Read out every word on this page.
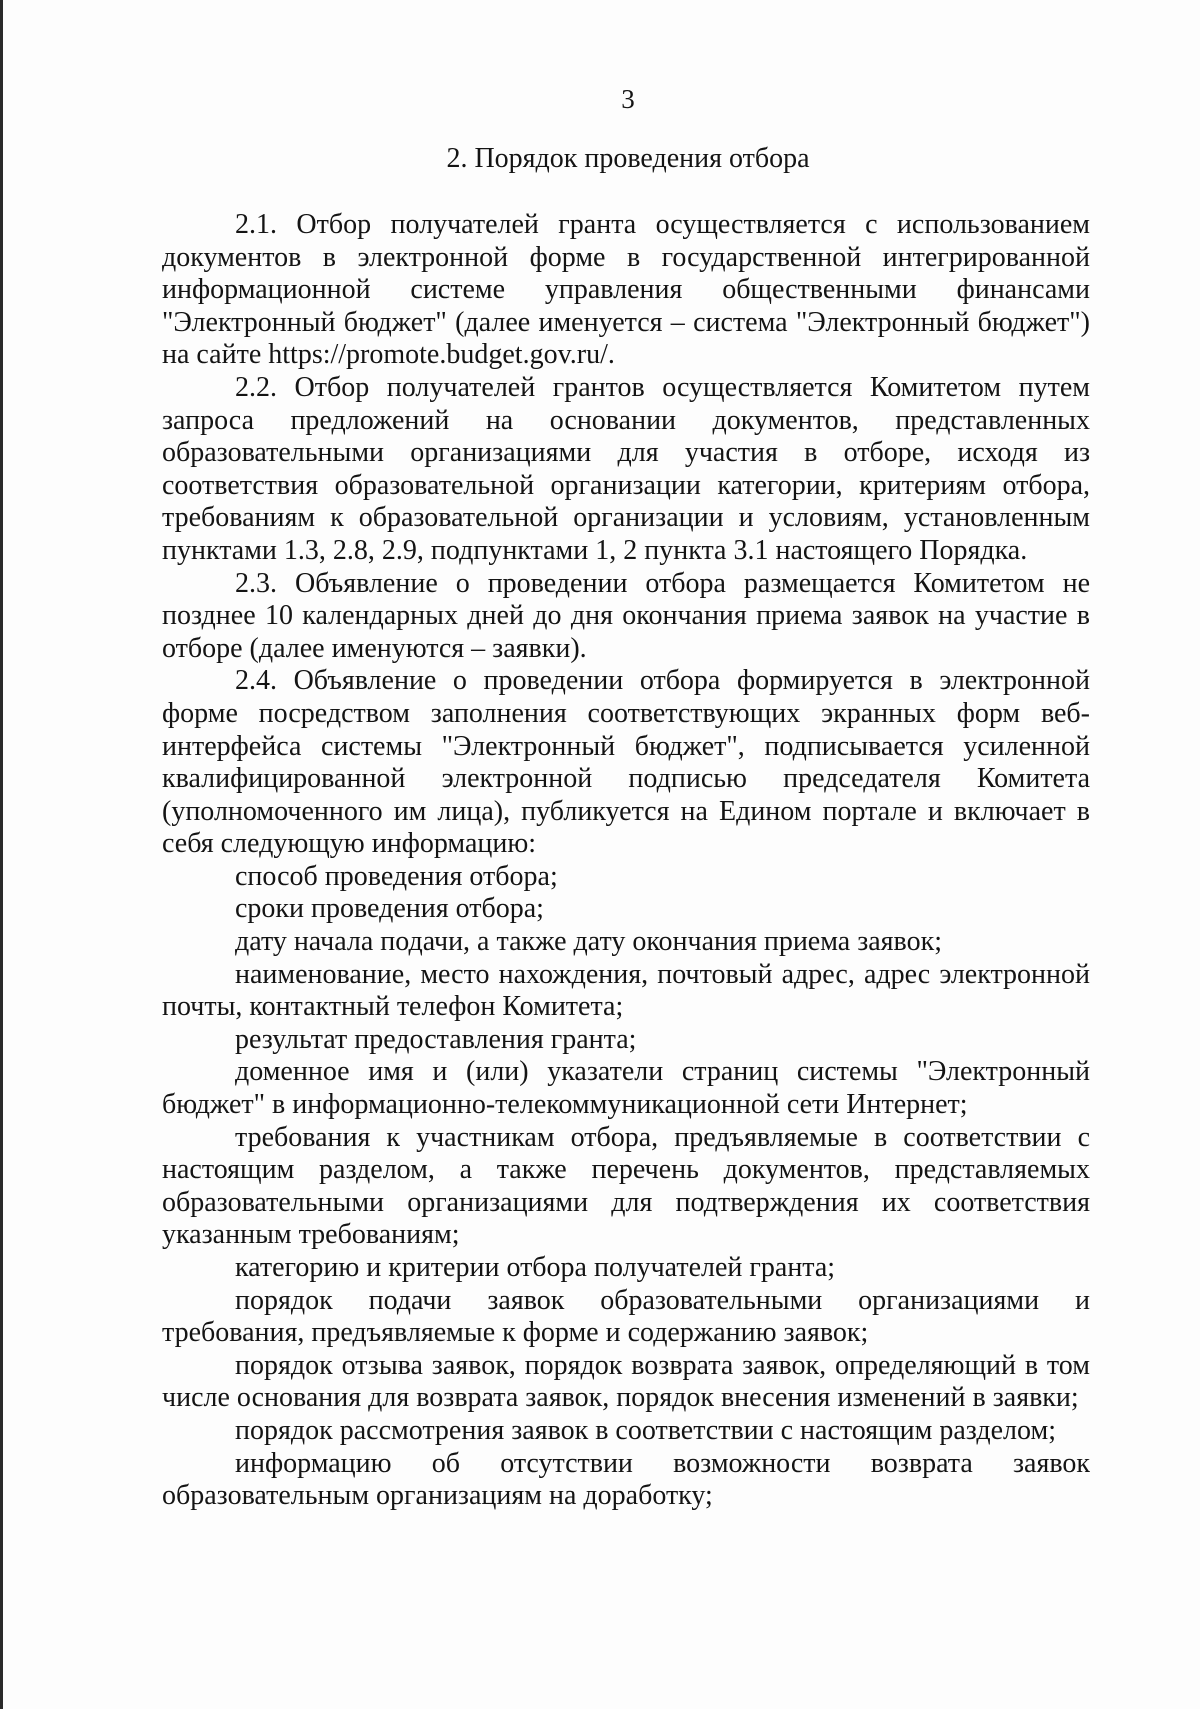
3
2. Порядок проведения отбора

2.1. Отбор получателей гранта осуществляется с использованием документов в электронной форме в государственной интегрированной информационной системе управления общественными финансами "Электронный бюджет" (далее именуется – система "Электронный бюджет") на сайте https://promote.budget.gov.ru/.

2.2. Отбор получателей грантов осуществляется Комитетом путем запроса предложений на основании документов, представленных образовательными организациями для участия в отборе, исходя из соответствия образовательной организации категории, критериям отбора, требованиям к образовательной организации и условиям, установленным пунктами 1.3, 2.8, 2.9, подпунктами 1, 2 пункта 3.1 настоящего Порядка.

2.3. Объявление о проведении отбора размещается Комитетом не позднее 10 календарных дней до дня окончания приема заявок на участие в отборе (далее именуются – заявки).

2.4. Объявление о проведении отбора формируется в электронной форме посредством заполнения соответствующих экранных форм веб-интерфейса системы "Электронный бюджет", подписывается усиленной квалифицированной электронной подписью председателя Комитета (уполномоченного им лица), публикуется на Едином портале и включает в себя следующую информацию:

способ проведения отбора;

сроки проведения отбора;

дату начала подачи, а также дату окончания приема заявок;

наименование, место нахождения, почтовый адрес, адрес электронной почты, контактный телефон Комитета;

результат предоставления гранта;

доменное имя и (или) указатели страниц системы "Электронный бюджет" в информационно-телекоммуникационной сети Интернет;

требования к участникам отбора, предъявляемые в соответствии с настоящим разделом, а также перечень документов, представляемых образовательными организациями для подтверждения их соответствия указанным требованиям;

категорию и критерии отбора получателей гранта;

порядок подачи заявок образовательными организациями и требования, предъявляемые к форме и содержанию заявок;

порядок отзыва заявок, порядок возврата заявок, определяющий в том числе основания для возврата заявок, порядок внесения изменений в заявки;

порядок рассмотрения заявок в соответствии с настоящим разделом;

информацию об отсутствии возможности возврата заявок образовательным организациям на доработку;
